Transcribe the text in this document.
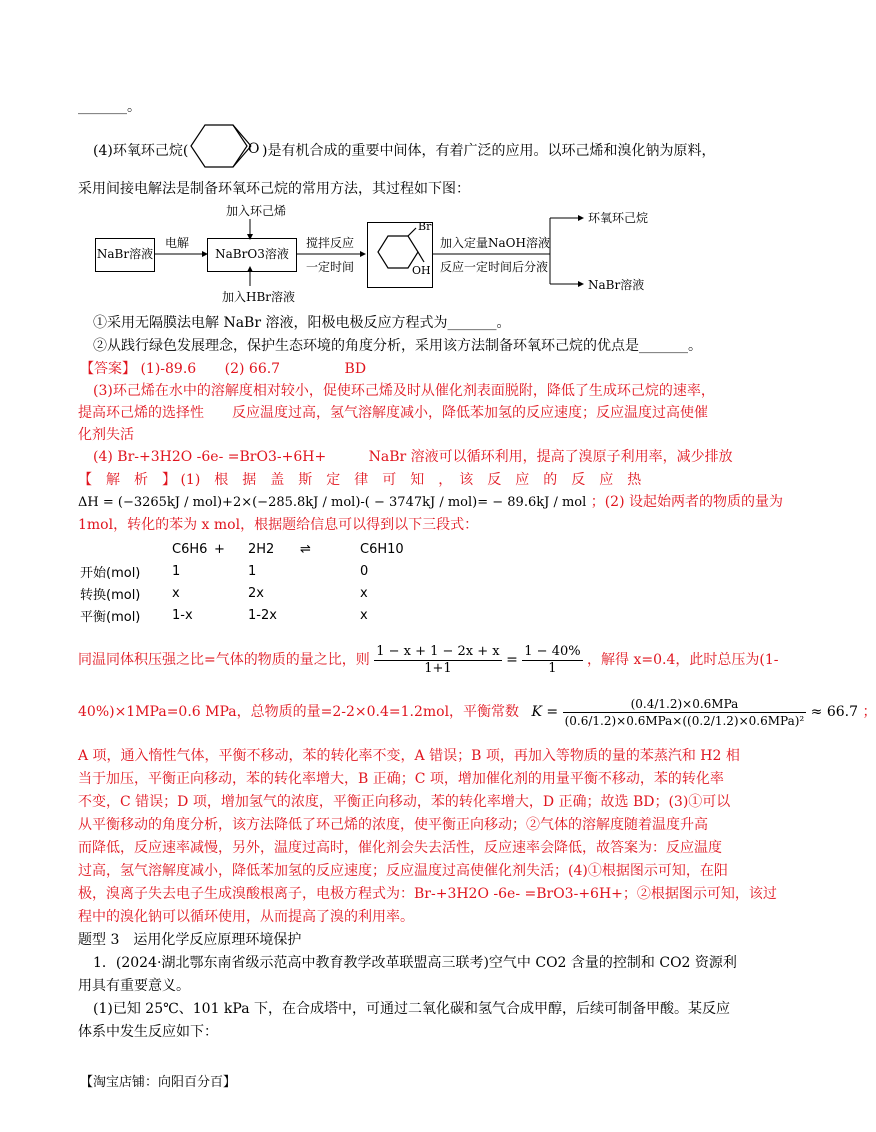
_______。
(4)环氧环己烷(	O )是有机合成的重要中间体，有着广泛的应用。以环己烯和溴化钠为原料，
采用间接电解法是制备环氧环己烷的常用方法，其过程如下图：
NaBr溶液
电解
加入环己烯
NaBrO3溶液
加入HBr溶液
搅拌反应
一定时间
Br
OH
加入定量NaOH溶液
反应一定时间后分液
环氧环己烷
NaBr溶液
①采用无隔膜法电解 NaBr 溶液，阳极电极反应方程式为_______。
②从践行绿色发展理念，保护生态环境的角度分析，采用该方法制备环氧环己烷的优点是_______。
【答案】 (1)-89.6 (2) 66.7	BD
(3)环己烯在水中的溶解度相对较小，促使环己烯及时从催化剂表面脱附，降低了生成环己烷的速率，
提高环己烯的选择性　　反应温度过高，氢气溶解度减小，降低苯加氢的反应速度；反应温度过高使催
化剂失活
(4) Br-+3H2O -6e- =BrO3-+6H+	NaBr 溶液可以循环利用，提高了溴原子利用率，减少排放
【　解　析　】 (1)　根　据　盖　斯　定　律　可　知　，　该　反　应　的　反　应　热
ΔH = (−3265kJ / mol)+2×(−285.8kJ / mol)-( − 3747kJ / mol)= − 89.6kJ / mol ；(2) 设起始两者的物质的量为
1mol，转化的苯为 x mol，根据题给信息可以得到以下三段式：
	C6H6	+	2H2	⇌	C6H10
开始(mol)	1		1		0
转换(mol)	x		2x		x
平衡(mol)	1-x		1-2x		x
同温同体积压强之比=气体的物质的量之比，则 $\frac{1 - x + 1 - 2x + x}{1+1} = \frac{1 - 40\%}{1}$ ，解得 x=0.4，此时总压为(1-
40%)×1MPa=0.6 MPa，总物质的量=2-2×0.4=1.2mol，平衡常数 $K = \frac{\text{(0.4/1.2)×0.6MPa}}{\text{(0.6/1.2)×0.6MPa×((0.2/1.2)×0.6MPa)²}} \approx 66.7$ ；
A 项，通入惰性气体，平衡不移动，苯的转化率不变，A 错误；B 项，再加入等物质的量的苯蒸汽和 H2 相
当于加压，平衡正向移动，苯的转化率增大，B 正确；C 项，增加催化剂的用量平衡不移动，苯的转化率
不变，C 错误；D 项，增加氢气的浓度，平衡正向移动，苯的转化率增大，D 正确；故选 BD；(3)①可以
从平衡移动的角度分析，该方法降低了环己烯的浓度，使平衡正向移动；②气体的溶解度随着温度升高
而降低，反应速率减慢，另外，温度过高时，催化剂会失去活性，反应速率会降低，故答案为：反应温度
过高，氢气溶解度减小，降低苯加氢的反应速度；反应温度过高使催化剂失活；(4)①根据图示可知，在阳
极，溴离子失去电子生成溴酸根离子，电极方程式为：Br-+3H2O -6e- =BrO3-+6H+；②根据图示可知，该过
程中的溴化钠可以循环使用，从而提高了溴的利用率。
题型 3　运用化学反应原理环境保护
1．(2024·湖北鄂东南省级示范高中教育教学改革联盟高三联考)空气中 CO2 含量的控制和 CO2 资源利
用具有重要意义。
(1)已知 25℃、101 kPa 下，在合成塔中，可通过二氧化碳和氢气合成甲醇，后续可制备甲酸。某反应
体系中发生反应如下：
【淘宝店铺：向阳百分百】
